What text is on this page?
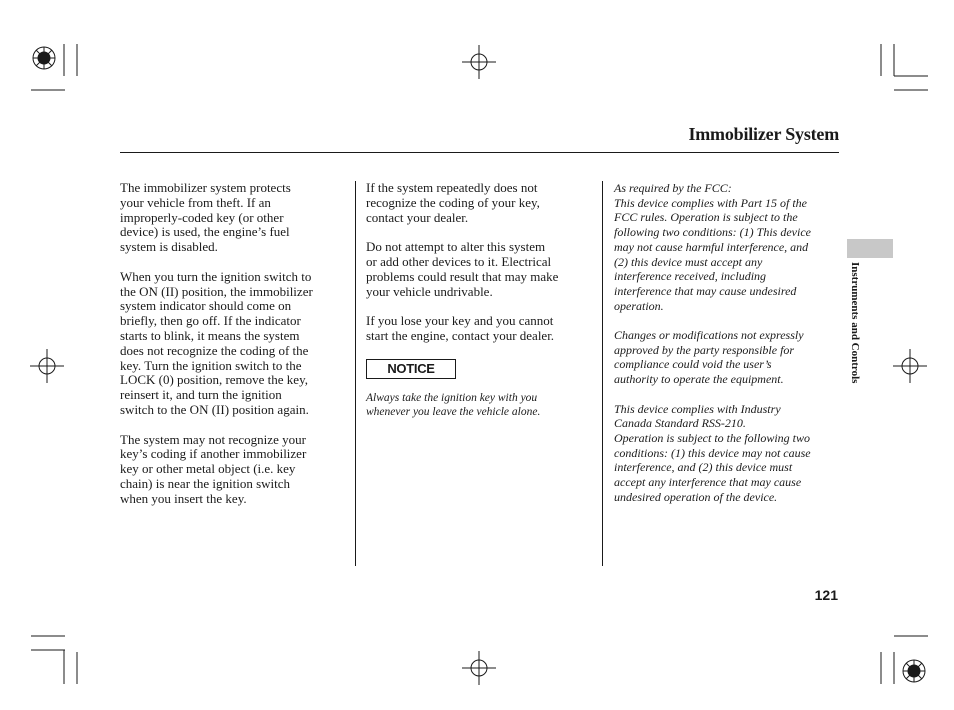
Immobilizer System

The immobilizer system protects
your vehicle from theft. If an
improperly-coded key (or other
device) is used, the engine’s fuel
system is disabled.

When you turn the ignition switch to
the ON (II) position, the immobilizer
system indicator should come on
briefly, then go off. If the indicator
starts to blink, it means the system
does not recognize the coding of the
key. Turn the ignition switch to the
LOCK (0) position, remove the key,
reinsert it, and turn the ignition
switch to the ON (II) position again.

The system may not recognize your
key’s coding if another immobilizer
key or other metal object (i.e. key
chain) is near the ignition switch
when you insert the key.

If the system repeatedly does not
recognize the coding of your key,
contact your dealer.

Do not attempt to alter this system
or add other devices to it. Electrical
problems could result that may make
your vehicle undrivable.

If you lose your key and you cannot
start the engine, contact your dealer.

NOTICE

Always take the ignition key with you
whenever you leave the vehicle alone.

As required by the FCC:
This device complies with Part 15 of the
FCC rules. Operation is subject to the
following two conditions: (1) This device
may not cause harmful interference, and
(2) this device must accept any
interference received, including
interference that may cause undesired
operation.

Changes or modifications not expressly
approved by the party responsible for
compliance could void the user’s
authority to operate the equipment.

This device complies with Industry
Canada Standard RSS-210.
Operation is subject to the following two
conditions: (1) this device may not cause
interference, and (2) this device must
accept any interference that may cause
undesired operation of the device.

Instruments and Controls
121
